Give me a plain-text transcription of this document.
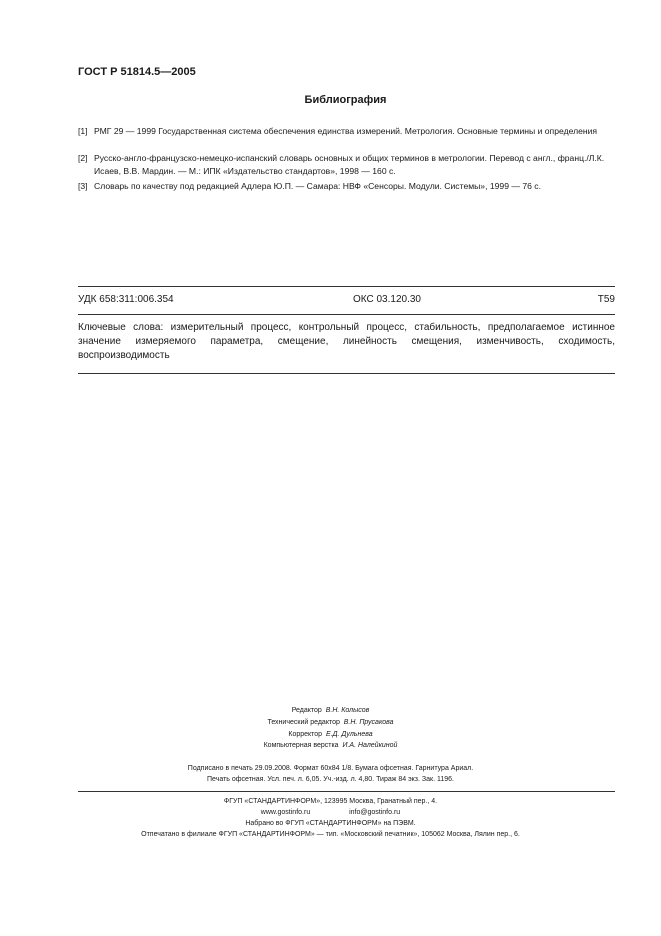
ГОСТ Р 51814.5—2005
Библиография
[1] РМГ 29 — 1999 Государственная система обеспечения единства измерений. Метрология. Основные термины и определения
[2] Русско-англо-французско-немецко-испанский словарь основных и общих терминов в метрологии. Перевод с англ., франц./Л.К. Исаев, В.В. Мардин. — М.: ИПК «Издательство стандартов», 1998 — 160 с.
[3] Словарь по качеству под редакцией Адлера Ю.П. — Самара: НВФ «Сенсоры. Модули. Системы», 1999 — 76 с.
УДК 658:311:006.354	ОКС 03.120.30	Т59
Ключевые слова: измерительный процесс, контрольный процесс, стабильность, предполагаемое истинное значение измеряемого параметра, смещение, линейность смещения, изменчивость, сходимость, воспроизводимость
Редактор В.Н. Колысов
Технический редактор В.Н. Прусакова
Корректор Е.Д. Дульнева
Компьютерная верстка И.А. Налейкиной
Подписано в печать 29.09.2008. Формат 60x84 1/8. Бумага офсетная. Гарнитура Ариал.
Печать офсетная. Усл. печ. л. 6,05. Уч.-изд. л. 4,80. Тираж 84 экз. Зак. 1196.
ФГУП «СТАНДАРТИНФОРМ», 123995 Москва, Гранатный пер., 4.
www.gostinfo.ru                    info@gostinfo.ru
Набрано во ФГУП «СТАНДАРТИНФОРМ» на ПЭВМ.
Отпечатано в филиале ФГУП «СТАНДАРТИНФОРМ» — тип. «Московский печатник», 105062 Москва, Лялин пер., 6.
